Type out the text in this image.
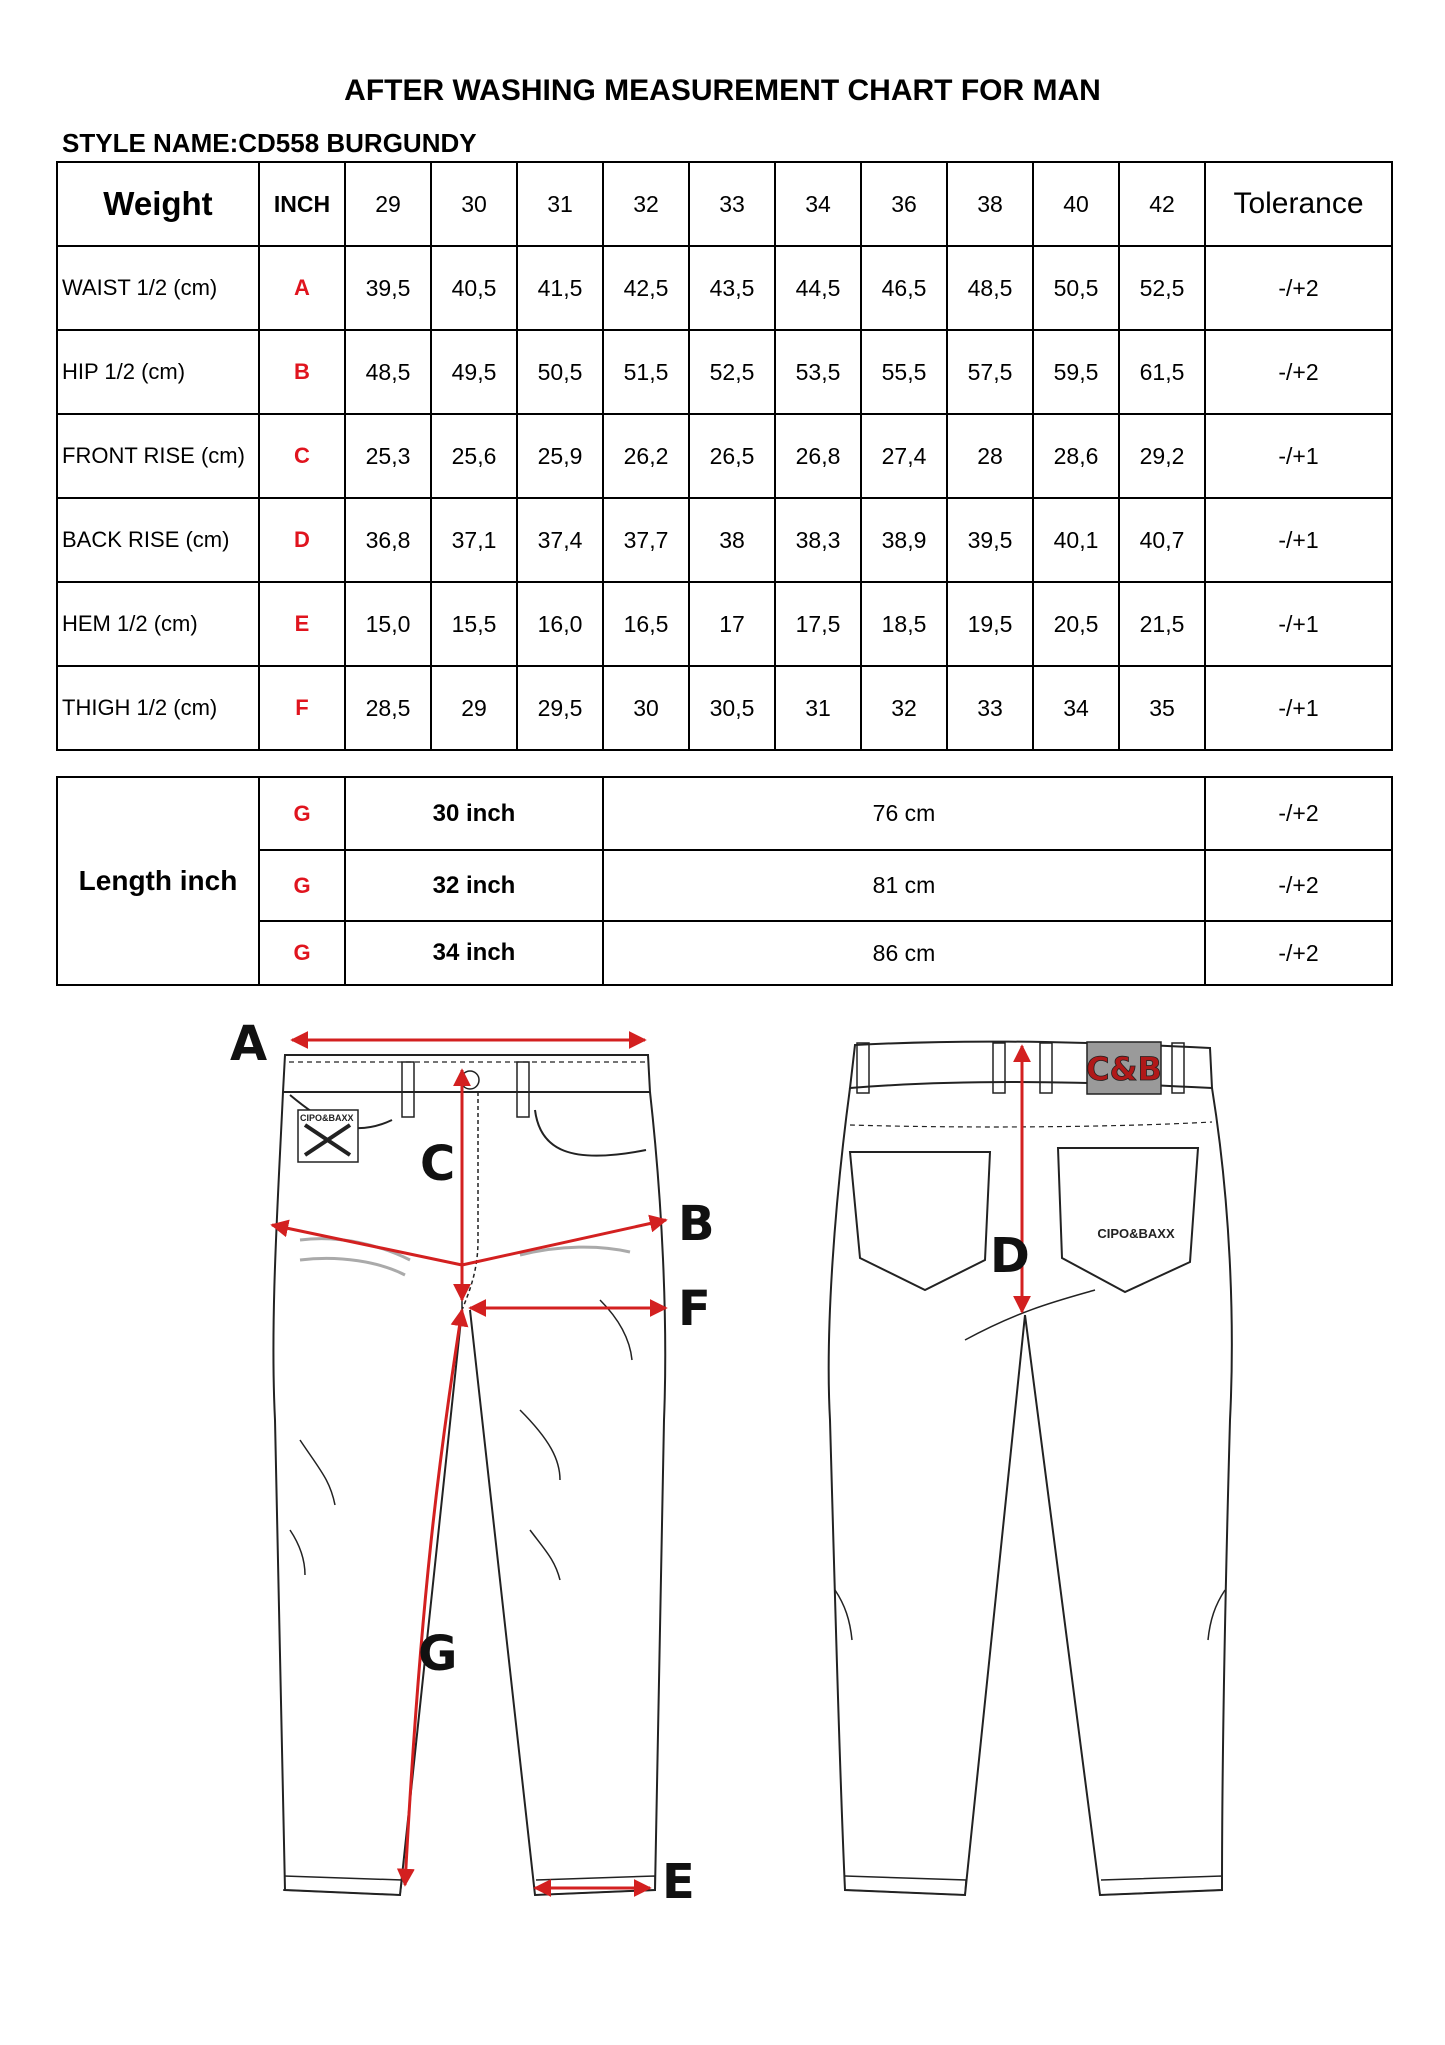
AFTER WASHING MEASUREMENT CHART FOR MAN
STYLE NAME:CD558 BURGUNDY
Weight	INCH	29	30	31	32	33	34	36	38	40	42	Tolerance
WAIST 1/2 (cm)	A	39,5	40,5	41,5	42,5	43,5	44,5	46,5	48,5	50,5	52,5	-/+2
HIP 1/2 (cm)	B	48,5	49,5	50,5	51,5	52,5	53,5	55,5	57,5	59,5	61,5	-/+2
FRONT RISE (cm)	C	25,3	25,6	25,9	26,2	26,5	26,8	27,4	28	28,6	29,2	-/+1
BACK RISE (cm)	D	36,8	37,1	37,4	37,7	38	38,3	38,9	39,5	40,1	40,7	-/+1
HEM 1/2 (cm)	E	15,0	15,5	16,0	16,5	17	17,5	18,5	19,5	20,5	21,5	-/+1
THIGH 1/2 (cm)	F	28,5	29	29,5	30	30,5	31	32	33	34	35	-/+1
Length inch	G	30 inch	76 cm	-/+2
	G	32 inch	81 cm	-/+2
	G	34 inch	86 cm	-/+2
CIPO&BAXX
C&B
CIPO&BAXX
A
C
B
F
G
E
D
